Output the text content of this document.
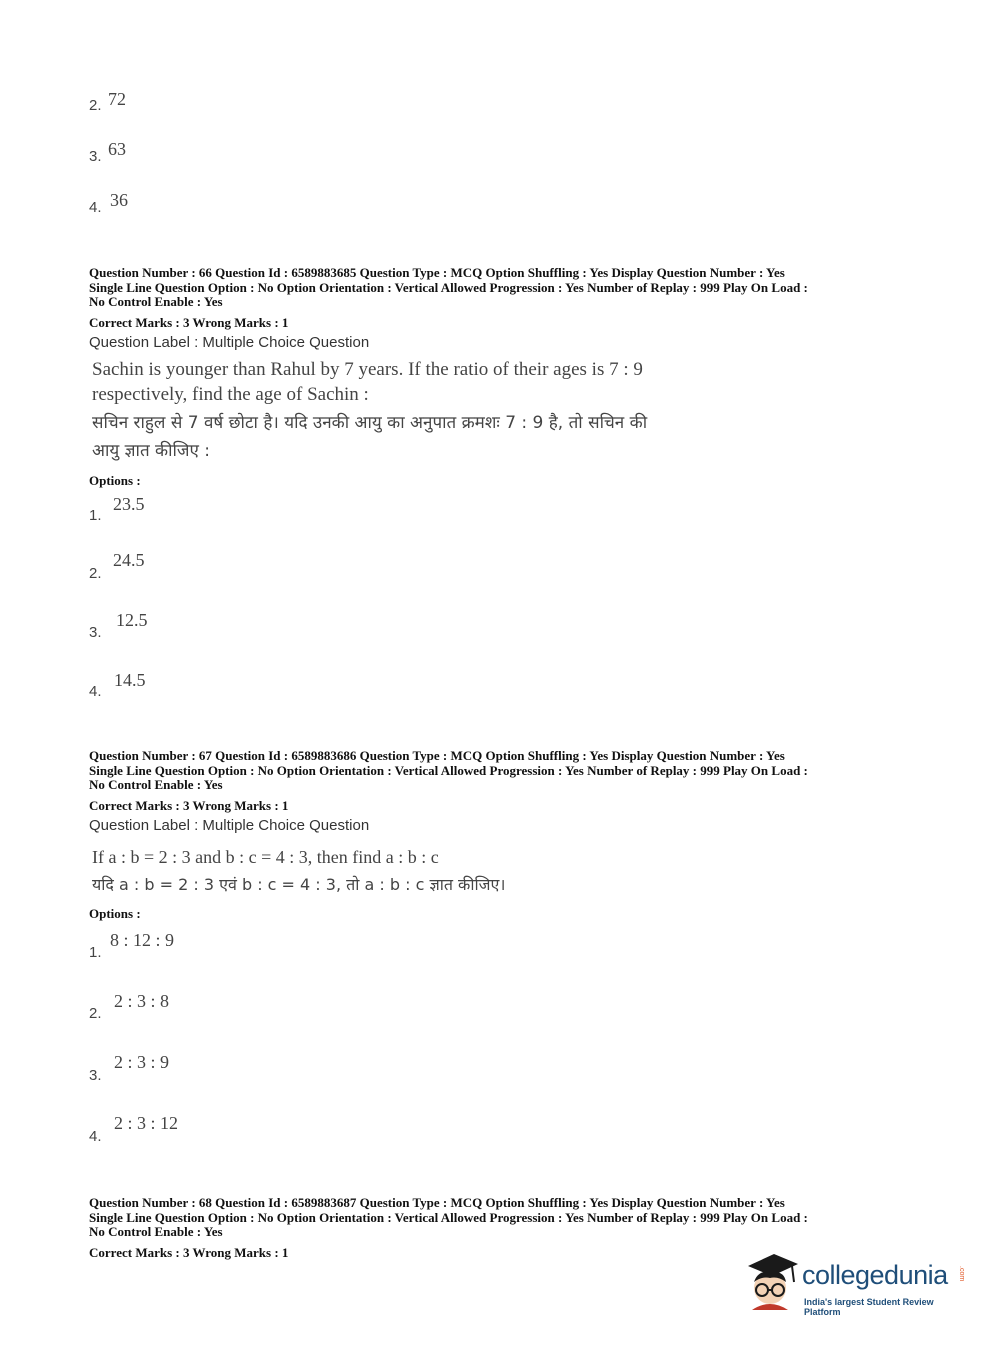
2. 72
3. 63
4. 36
Question Number : 66 Question Id : 6589883685 Question Type : MCQ Option Shuffling : Yes Display Question Number : Yes
Single Line Question Option : No Option Orientation : Vertical Allowed Progression : Yes Number of Replay : 999 Play On Load :
No Control Enable : Yes
Correct Marks : 3 Wrong Marks : 1
Question Label : Multiple Choice Question
Sachin is younger than Rahul by 7 years. If the ratio of their ages is 7 : 9
respectively, find the age of Sachin :
सचिन राहुल से 7 वर्ष छोटा है। यदि उनकी आयु का अनुपात क्रमशः 7 : 9 है, तो सचिन की
आयु ज्ञात कीजिए :
Options :
1.
23.5
2.
24.5
3.
12.5
4.
14.5
Question Number : 67 Question Id : 6589883686 Question Type : MCQ Option Shuffling : Yes Display Question Number : Yes
Single Line Question Option : No Option Orientation : Vertical Allowed Progression : Yes Number of Replay : 999 Play On Load :
No Control Enable : Yes
Correct Marks : 3 Wrong Marks : 1
Question Label : Multiple Choice Question
If a : b = 2 : 3 and b : c = 4 : 3, then find a : b : c
यदि a : b = 2 : 3 एवं b : c = 4 : 3, तो a : b : c ज्ञात कीजिए।
Options :
1.
8 : 12 : 9
2.
2 : 3 : 8
3.
2 : 3 : 9
4.
2 : 3 : 12
Question Number : 68 Question Id : 6589883687 Question Type : MCQ Option Shuffling : Yes Display Question Number : Yes
Single Line Question Option : No Option Orientation : Vertical Allowed Progression : Yes Number of Replay : 999 Play On Load :
No Control Enable : Yes
Correct Marks : 3 Wrong Marks : 1
collegedunia .com
India's largest Student Review Platform
